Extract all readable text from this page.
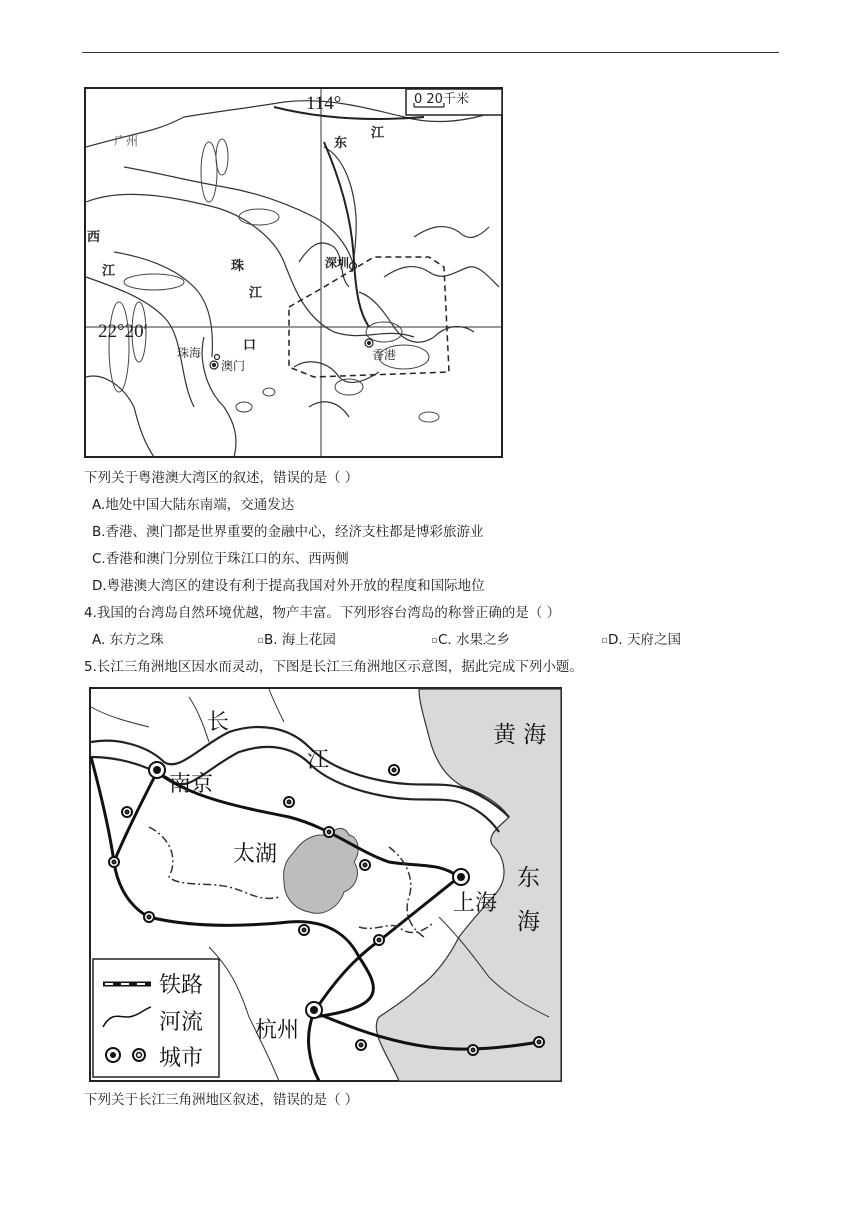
0 20千米
114°
22°20′
广州	东
江
西
江	珠
江
口
深圳
香港
珠海
澳门
下列关于粤港澳大湾区的叙述，错误的是（ ）
A.地处中国大陆东南端，交通发达
B.香港、澳门都是世界重要的金融中心，经济支柱都是博彩旅游业
C.香港和澳门分别位于珠江口的东、西两侧
D.粤港澳大湾区的建设有利于提高我国对外开放的程度和国际地位
4.我国的台湾岛自然环境优越，物产丰富。下列形容台湾岛的称誉正确的是（ ）
A. 东方之珠	B. 海上花园	C. 水果之乡	D. 天府之国
5.长江三角洲地区因水而灵动，下图是长江三角洲地区示意图，据此完成下列小题。
铁路
河流
城市
长
江
黄 海
东
海
南京
太湖
上海
杭州
下列关于长江三角洲地区叙述，错误的是（ ）
